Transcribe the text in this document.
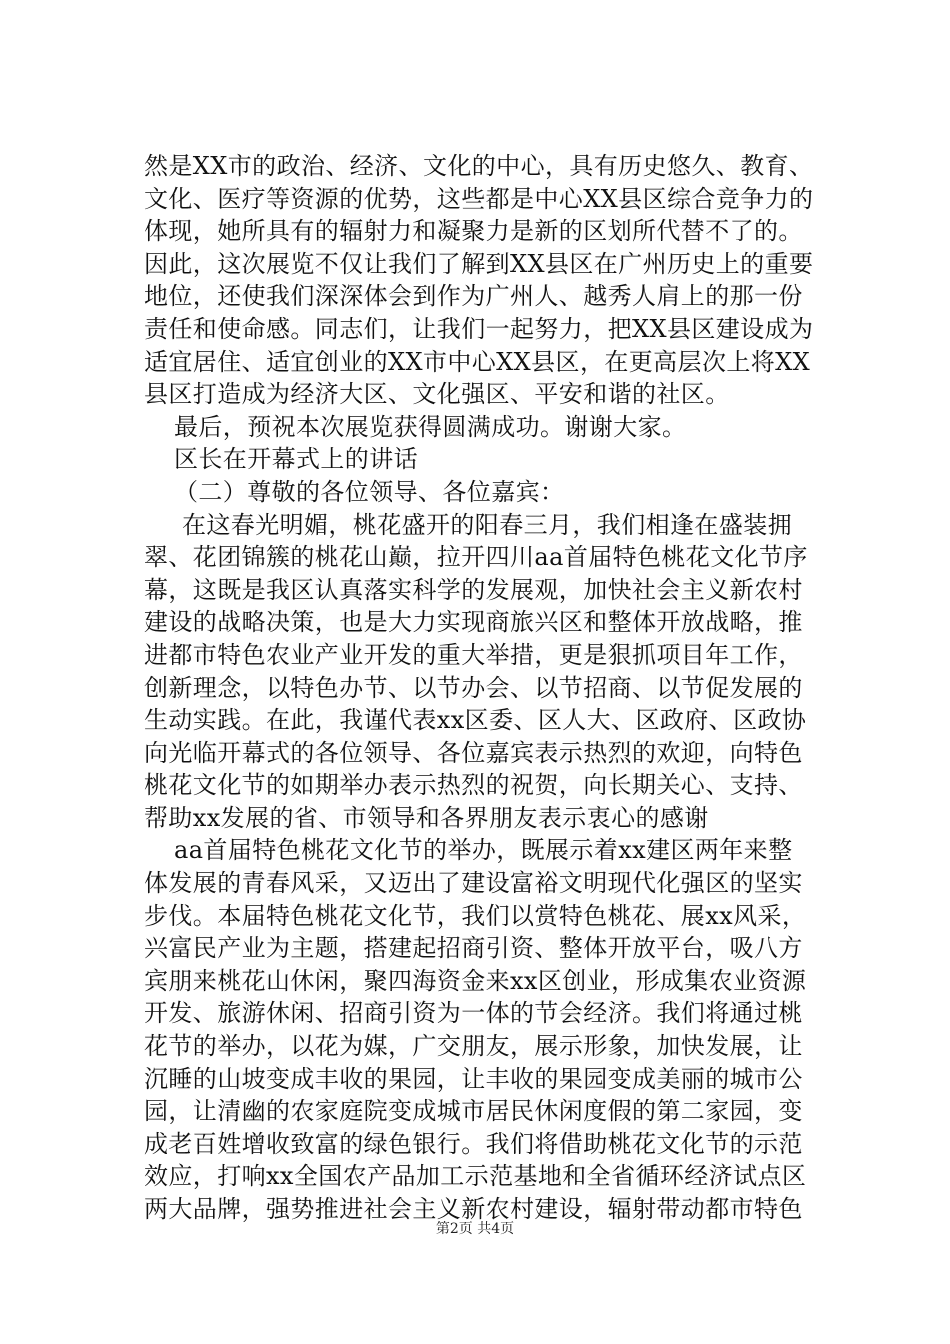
然是XX市的政治、经济、文化的中心，具有历史悠久、教育、
文化、医疗等资源的优势，这些都是中心XX县区综合竞争力的
体现，她所具有的辐射力和凝聚力是新的区划所代替不了的。
因此，这次展览不仅让我们了解到XX县区在广州历史上的重要
地位，还使我们深深体会到作为广州人、越秀人肩上的那一份
责任和使命感。同志们，让我们一起努力，把XX县区建设成为
适宜居住、适宜创业的XX市中心XX县区，在更高层次上将XX
县区打造成为经济大区、文化强区、平安和谐的社区。
最后，预祝本次展览获得圆满成功。谢谢大家。
区长在开幕式上的讲话
（二）尊敬的各位领导、各位嘉宾：
在这春光明媚，桃花盛开的阳春三月，我们相逢在盛装拥
翠、花团锦簇的桃花山巅，拉开四川aa首届特色桃花文化节序
幕，这既是我区认真落实科学的发展观，加快社会主义新农村
建设的战略决策，也是大力实现商旅兴区和整体开放战略，推
进都市特色农业产业开发的重大举措，更是狠抓项目年工作，
创新理念，以特色办节、以节办会、以节招商、以节促发展的
生动实践。在此，我谨代表xx区委、区人大、区政府、区政协
向光临开幕式的各位领导、各位嘉宾表示热烈的欢迎，向特色
桃花文化节的如期举办表示热烈的祝贺，向长期关心、支持、
帮助xx发展的省、市领导和各界朋友表示衷心的感谢
aa首届特色桃花文化节的举办，既展示着xx建区两年来整
体发展的青春风采，又迈出了建设富裕文明现代化强区的坚实
步伐。本届特色桃花文化节，我们以赏特色桃花、展xx风采，
兴富民产业为主题，搭建起招商引资、整体开放平台，吸八方
宾朋来桃花山休闲，聚四海资金来xx区创业，形成集农业资源
开发、旅游休闲、招商引资为一体的节会经济。我们将通过桃
花节的举办，以花为媒，广交朋友，展示形象，加快发展，让
沉睡的山坡变成丰收的果园，让丰收的果园变成美丽的城市公
园，让清幽的农家庭院变成城市居民休闲度假的第二家园，变
成老百姓增收致富的绿色银行。我们将借助桃花文化节的示范
效应，打响xx全国农产品加工示范基地和全省循环经济试点区
两大品牌，强势推进社会主义新农村建设，辐射带动都市特色
第2页 共4页
